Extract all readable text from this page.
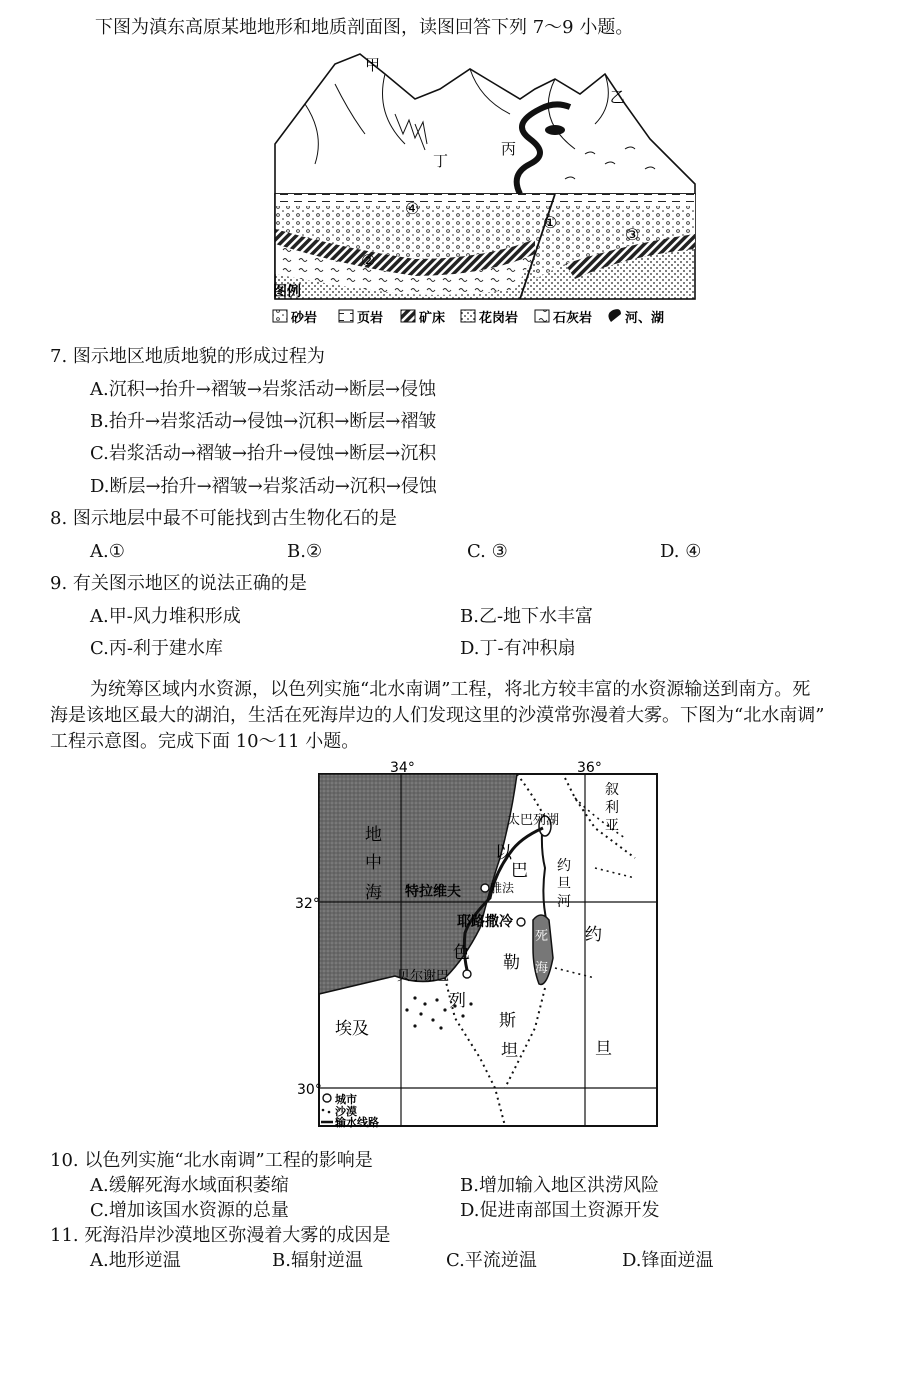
下图为滇东高原某地地形和地质剖面图，读图回答下列 7～9 小题。
甲
乙
丙
丁
①
②
③
④
图例
砂岩	页岩	矿床	花岗岩	石灰岩	河、湖
7. 图示地区地质地貌的形成过程为
A.沉积→抬升→褶皱→岩浆活动→断层→侵蚀
B.抬升→岩浆活动→侵蚀→沉积→断层→褶皱
C.岩浆活动→褶皱→抬升→侵蚀→断层→沉积
D.断层→抬升→褶皱→岩浆活动→沉积→侵蚀
8. 图示地层中最不可能找到古生物化石的是
A.①	B.②	C. ③	D. ④
9. 有关图示地区的说法正确的是
A.甲-风力堆积形成	B.乙-地下水丰富
C.丙-利于建水库	D.丁-有冲积扇
为统筹区域内水资源，以色列实施“北水南调”工程，将北方较丰富的水资源输送到南方。死
海是该地区最大的湖泊，生活在死海岸边的人们发现这里的沙漠常弥漫着大雾。下图为“北水南调”
工程示意图。完成下面 10～11 小题。
34°	36°
32°
30°
地
中
海
叙
利
亚
太巴列湖
约
旦
河
以
色
列
巴
勒
斯
坦
约
旦
特拉维夫 雅法
耶路撒冷
贝尔谢巴
死
海
埃及
城市
沙漠
输水线路
10. 以色列实施“北水南调”工程的影响是
A.缓解死海水域面积萎缩	B.增加输入地区洪涝风险
C.增加该国水资源的总量	D.促进南部国土资源开发
11. 死海沿岸沙漠地区弥漫着大雾的成因是
A.地形逆温	B.辐射逆温	C.平流逆温	D.锋面逆温
